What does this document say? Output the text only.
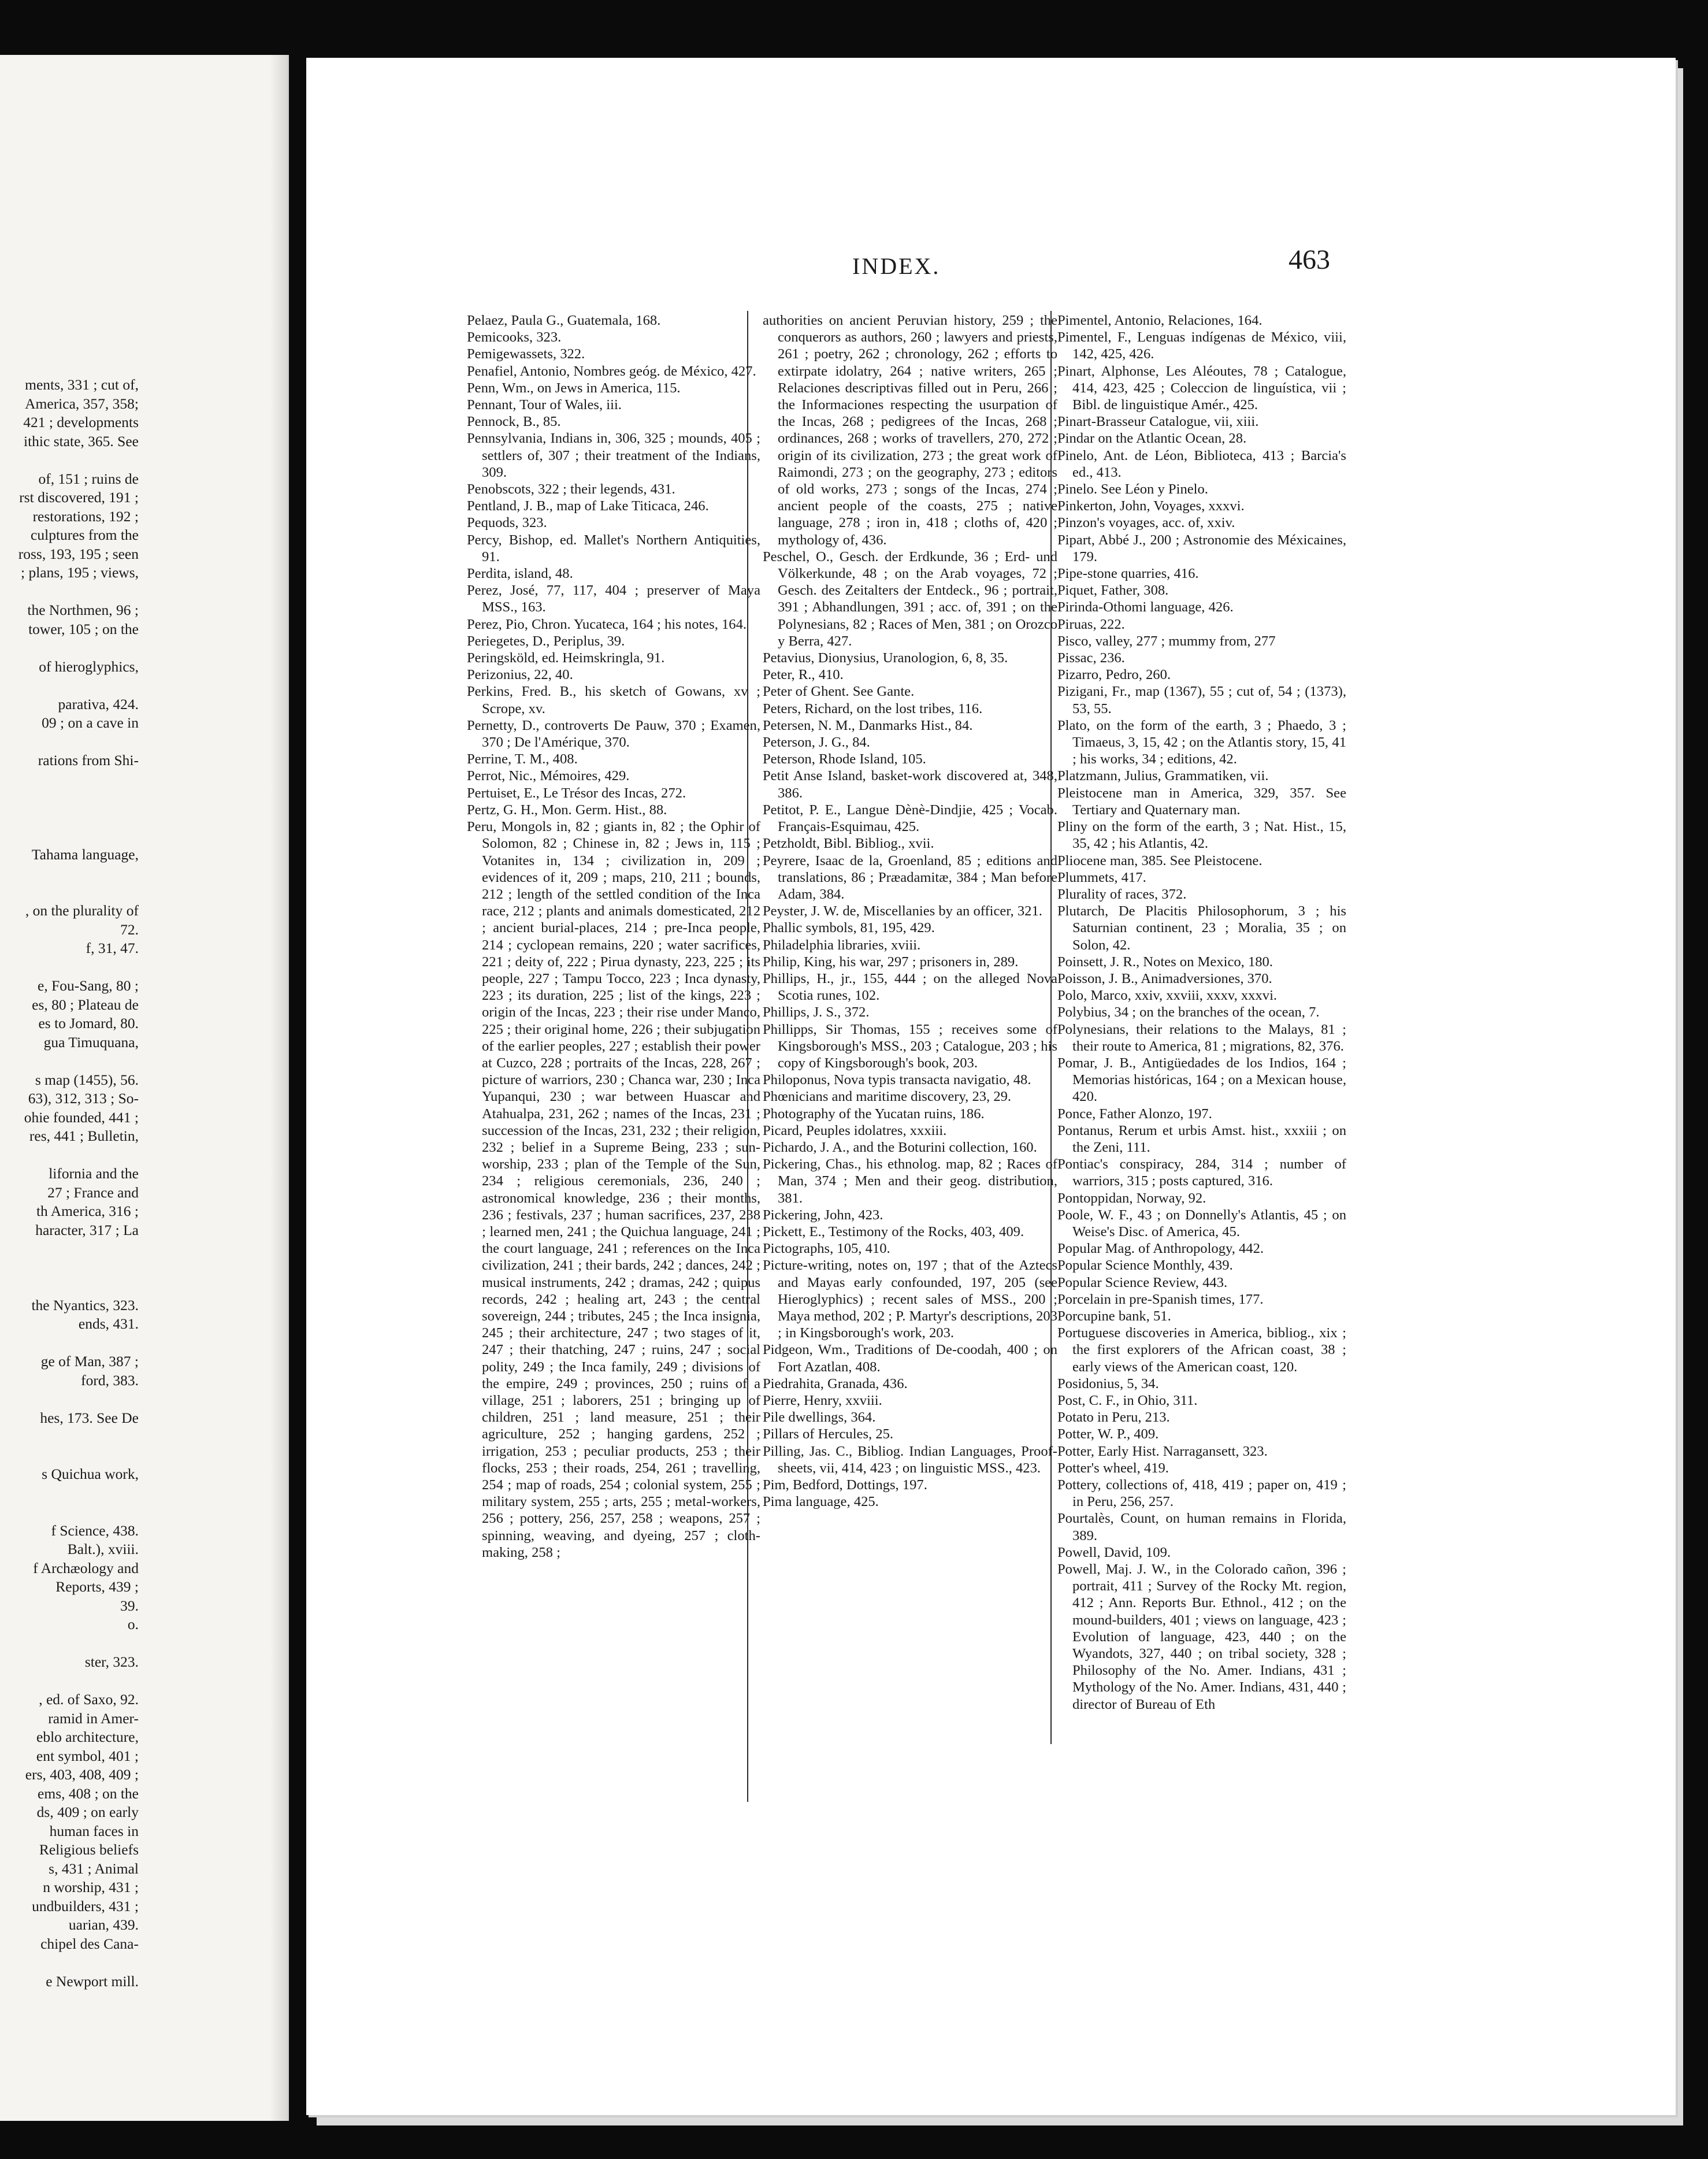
ments, 331 ; cut of,
America, 357, 358;
421 ; developments
ithic state, 365. See
of, 151 ; ruins de
rst discovered, 191 ;
restorations, 192 ;
culptures from the
ross, 193, 195 ; seen
; plans, 195 ; views,
the Northmen, 96 ;
tower, 105 ; on the
of hieroglyphics,
parativa, 424.
09 ; on a cave in
rations from Shi-
Tahama language,
, on the plurality of
72.
f, 31, 47.
e, Fou-Sang, 80 ;
es, 80 ; Plateau de
es to Jomard, 80.
gua Timuquana,
s map (1455), 56.
63), 312, 313 ; So-
ohie founded, 441 ;
res, 441 ; Bulletin,
lifornia and the
27 ; France and
th America, 316 ;
haracter, 317 ; La
the Nyantics, 323.
ends, 431.
ge of Man, 387 ;
ford, 383.
hes, 173. See De
s Quichua work,
f Science, 438.
Balt.), xviii.
f Archæology and
Reports, 439 ;
39.
o.
ster, 323.
, ed. of Saxo, 92.
ramid in Amer-
eblo architecture,
ent symbol, 401 ;
ers, 403, 408, 409 ;
ems, 408 ; on the
ds, 409 ; on early
human faces in
Religious beliefs
s, 431 ; Animal
n worship, 431 ;
undbuilders, 431 ;
uarian, 439.
chipel des Cana-
e Newport mill.
INDEX.	463
Pelaez, Paula G., Guatemala, 168.
Pemicooks, 323.
Pemigewassets, 322.
Penafiel, Antonio, Nombres geóg. de México, 427.
Penn, Wm., on Jews in America, 115.
Pennant, Tour of Wales, iii.
Pennock, B., 85.
Pennsylvania, Indians in, 306, 325 ; mounds, 405 ; settlers of, 307 ; their treatment of the Indians, 309.
Penobscots, 322 ; their legends, 431.
Pentland, J. B., map of Lake Titicaca, 246.
Pequods, 323.
Percy, Bishop, ed. Mallet's Northern Antiquities, 91.
Perdita, island, 48.
Perez, José, 77, 117, 404 ; preserver of Maya MSS., 163.
Perez, Pio, Chron. Yucateca, 164 ; his notes, 164.
Periegetes, D., Periplus, 39.
Peringsköld, ed. Heimskringla, 91.
Perizonius, 22, 40.
Perkins, Fred. B., his sketch of Gowans, xv ; Scrope, xv.
Pernetty, D., controverts De Pauw, 370 ; Examen, 370 ; De l'Amérique, 370.
Perrine, T. M., 408.
Perrot, Nic., Mémoires, 429.
Pertuiset, E., Le Trésor des Incas, 272.
Pertz, G. H., Mon. Germ. Hist., 88.
Peru, Mongols in, 82 ; giants in, 82 ; the Ophir of Solomon, 82 ; Chinese in, 82 ; Jews in, 115 ; Votanites in, 134 ; civilization in, 209 ; evidences of it, 209 ; maps, 210, 211 ; bounds, 212 ; length of the settled condition of the Inca race, 212 ; plants and animals domesticated, 212 ; ancient burial-places, 214 ; pre-Inca people, 214 ; cyclopean remains, 220 ; water sacrifices, 221 ; deity of, 222 ; Pirua dynasty, 223, 225 ; its people, 227 ; Tampu Tocco, 223 ; Inca dynasty, 223 ; its duration, 225 ; list of the kings, 223 ; origin of the Incas, 223 ; their rise under Manco, 225 ; their original home, 226 ; their subjugation of the earlier peoples, 227 ; establish their power at Cuzco, 228 ; portraits of the Incas, 228, 267 ; picture of warriors, 230 ; Chanca war, 230 ; Inca Yupanqui, 230 ; war between Huascar and Atahualpa, 231, 262 ; names of the Incas, 231 ; succession of the Incas, 231, 232 ; their religion, 232 ; belief in a Supreme Being, 233 ; sun-worship, 233 ; plan of the Temple of the Sun, 234 ; religious ceremonials, 236, 240 ; astronomical knowledge, 236 ; their months, 236 ; festivals, 237 ; human sacrifices, 237, 238 ; learned men, 241 ; the Quichua language, 241 ; the court language, 241 ; references on the Inca civilization, 241 ; their bards, 242 ; dances, 242 ; musical instruments, 242 ; dramas, 242 ; quipus records, 242 ; healing art, 243 ; the central sovereign, 244 ; tributes, 245 ; the Inca insignia, 245 ; their architecture, 247 ; two stages of it, 247 ; their thatching, 247 ; ruins, 247 ; social polity, 249 ; the Inca family, 249 ; divisions of the empire, 249 ; provinces, 250 ; ruins of a village, 251 ; laborers, 251 ; bringing up of children, 251 ; land measure, 251 ; their agriculture, 252 ; hanging gardens, 252 ; irrigation, 253 ; peculiar products, 253 ; their flocks, 253 ; their roads, 254, 261 ; travelling, 254 ; map of roads, 254 ; colonial system, 255 ; military system, 255 ; arts, 255 ; metal-workers, 256 ; pottery, 256, 257, 258 ; weapons, 257 ; spinning, weaving, and dyeing, 257 ; cloth-making, 258 ;
authorities on ancient Peruvian history, 259 ; the conquerors as authors, 260 ; lawyers and priests, 261 ; poetry, 262 ; chronology, 262 ; efforts to extirpate idolatry, 264 ; native writers, 265 ; Relaciones descriptivas filled out in Peru, 266 ; the Informaciones respecting the usurpation of the Incas, 268 ; pedigrees of the Incas, 268 ; ordinances, 268 ; works of travellers, 270, 272 ; origin of its civilization, 273 ; the great work of Raimondi, 273 ; on the geography, 273 ; editors of old works, 273 ; songs of the Incas, 274 ; ancient people of the coasts, 275 ; native language, 278 ; iron in, 418 ; cloths of, 420 ; mythology of, 436.
Peschel, O., Gesch. der Erdkunde, 36 ; Erd- und Völkerkunde, 48 ; on the Arab voyages, 72 ; Gesch. des Zeitalters der Entdeck., 96 ; portrait, 391 ; Abhandlungen, 391 ; acc. of, 391 ; on the Polynesians, 82 ; Races of Men, 381 ; on Orozco y Berra, 427.
Petavius, Dionysius, Uranologion, 6, 8, 35.
Peter, R., 410.
Peter of Ghent. See Gante.
Peters, Richard, on the lost tribes, 116.
Petersen, N. M., Danmarks Hist., 84.
Peterson, J. G., 84.
Peterson, Rhode Island, 105.
Petit Anse Island, basket-work discovered at, 348, 386.
Petitot, P. E., Langue Dènè-Dindjie, 425 ; Vocab. Français-Esquimau, 425.
Petzholdt, Bibl. Bibliog., xvii.
Peyrere, Isaac de la, Groenland, 85 ; editions and translations, 86 ; Præadamitæ, 384 ; Man before Adam, 384.
Peyster, J. W. de, Miscellanies by an officer, 321.
Phallic symbols, 81, 195, 429.
Philadelphia libraries, xviii.
Philip, King, his war, 297 ; prisoners in, 289.
Phillips, H., jr., 155, 444 ; on the alleged Nova Scotia runes, 102.
Phillips, J. S., 372.
Phillipps, Sir Thomas, 155 ; receives some of Kingsborough's MSS., 203 ; Catalogue, 203 ; his copy of Kingsborough's book, 203.
Philoponus, Nova typis transacta navigatio, 48.
Phœnicians and maritime discovery, 23, 29.
Photography of the Yucatan ruins, 186.
Picard, Peuples idolatres, xxxiii.
Pichardo, J. A., and the Boturini collection, 160.
Pickering, Chas., his ethnolog. map, 82 ; Races of Man, 374 ; Men and their geog. distribution, 381.
Pickering, John, 423.
Pickett, E., Testimony of the Rocks, 403, 409.
Pictographs, 105, 410.
Picture-writing, notes on, 197 ; that of the Aztecs and Mayas early confounded, 197, 205 (see Hieroglyphics) ; recent sales of MSS., 200 ; Maya method, 202 ; P. Martyr's descriptions, 203 ; in Kingsborough's work, 203.
Pidgeon, Wm., Traditions of De-coodah, 400 ; on Fort Azatlan, 408.
Piedrahita, Granada, 436.
Pierre, Henry, xxviii.
Pile dwellings, 364.
Pillars of Hercules, 25.
Pilling, Jas. C., Bibliog. Indian Languages, Proof-sheets, vii, 414, 423 ; on linguistic MSS., 423.
Pim, Bedford, Dottings, 197.
Pima language, 425.
Pimentel, Antonio, Relaciones, 164.
Pimentel, F., Lenguas indígenas de México, viii, 142, 425, 426.
Pinart, Alphonse, Les Aléoutes, 78 ; Catalogue, 414, 423, 425 ; Coleccion de linguística, vii ; Bibl. de linguistique Amér., 425.
Pinart-Brasseur Catalogue, vii, xiii.
Pindar on the Atlantic Ocean, 28.
Pinelo, Ant. de Léon, Biblioteca, 413 ; Barcia's ed., 413.
Pinelo. See Léon y Pinelo.
Pinkerton, John, Voyages, xxxvi.
Pinzon's voyages, acc. of, xxiv.
Pipart, Abbé J., 200 ; Astronomie des Méxicaines, 179.
Pipe-stone quarries, 416.
Piquet, Father, 308.
Pirinda-Othomi language, 426.
Piruas, 222.
Pisco, valley, 277 ; mummy from, 277
Pissac, 236.
Pizarro, Pedro, 260.
Pizigani, Fr., map (1367), 55 ; cut of, 54 ; (1373), 53, 55.
Plato, on the form of the earth, 3 ; Phaedo, 3 ; Timaeus, 3, 15, 42 ; on the Atlantis story, 15, 41 ; his works, 34 ; editions, 42.
Platzmann, Julius, Grammatiken, vii.
Pleistocene man in America, 329, 357. See Tertiary and Quaternary man.
Pliny on the form of the earth, 3 ; Nat. Hist., 15, 35, 42 ; his Atlantis, 42.
Pliocene man, 385. See Pleistocene.
Plummets, 417.
Plurality of races, 372.
Plutarch, De Placitis Philosophorum, 3 ; his Saturnian continent, 23 ; Moralia, 35 ; on Solon, 42.
Poinsett, J. R., Notes on Mexico, 180.
Poisson, J. B., Animadversiones, 370.
Polo, Marco, xxiv, xxviii, xxxv, xxxvi.
Polybius, 34 ; on the branches of the ocean, 7.
Polynesians, their relations to the Malays, 81 ; their route to America, 81 ; migrations, 82, 376.
Pomar, J. B., Antigüedades de los Indios, 164 ; Memorias históricas, 164 ; on a Mexican house, 420.
Ponce, Father Alonzo, 197.
Pontanus, Rerum et urbis Amst. hist., xxxiii ; on the Zeni, 111.
Pontiac's conspiracy, 284, 314 ; number of warriors, 315 ; posts captured, 316.
Pontoppidan, Norway, 92.
Poole, W. F., 43 ; on Donnelly's Atlantis, 45 ; on Weise's Disc. of America, 45.
Popular Mag. of Anthropology, 442.
Popular Science Monthly, 439.
Popular Science Review, 443.
Porcelain in pre-Spanish times, 177.
Porcupine bank, 51.
Portuguese discoveries in America, bibliog., xix ; the first explorers of the African coast, 38 ; early views of the American coast, 120.
Posidonius, 5, 34.
Post, C. F., in Ohio, 311.
Potato in Peru, 213.
Potter, W. P., 409.
Potter, Early Hist. Narragansett, 323.
Potter's wheel, 419.
Pottery, collections of, 418, 419 ; paper on, 419 ; in Peru, 256, 257.
Pourtalès, Count, on human remains in Florida, 389.
Powell, David, 109.
Powell, Maj. J. W., in the Colorado cañon, 396 ; portrait, 411 ; Survey of the Rocky Mt. region, 412 ; Ann. Reports Bur. Ethnol., 412 ; on the mound-builders, 401 ; views on language, 423 ; Evolution of language, 423, 440 ; on the Wyandots, 327, 440 ; on tribal society, 328 ; Philosophy of the No. Amer. Indians, 431 ; Mythology of the No. Amer. Indians, 431, 440 ; director of Bureau of Eth
